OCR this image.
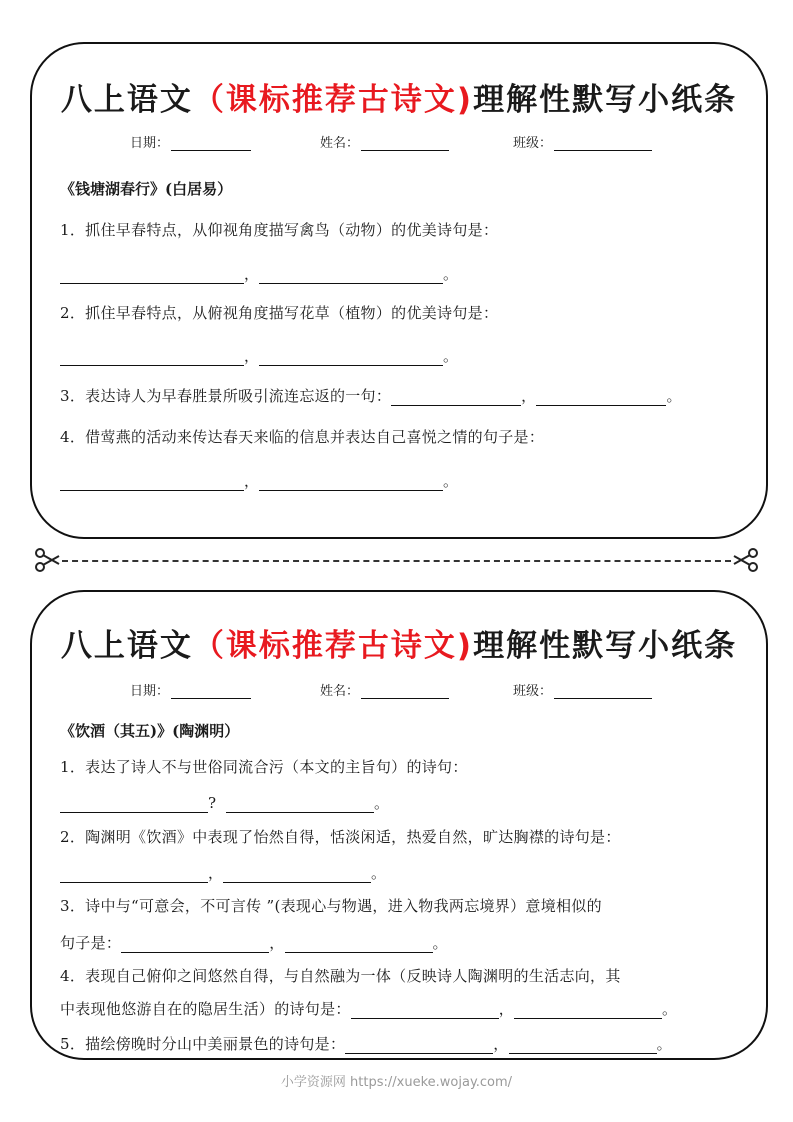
八上语文（课标推荐古诗文)理解性默写小纸条
日期：	姓名：	班级：
《钱塘湖春行》(白居易）
1．抓住早春特点，从仰视角度描写禽鸟（动物）的优美诗句是：
，	。
2．抓住早春特点，从俯视角度描写花草（植物）的优美诗句是：
，	。
3．表达诗人为早春胜景所吸引流连忘返的一句：	，	。
4．借莺燕的活动来传达春天来临的信息并表达自己喜悦之情的句子是：
，	。
八上语文（课标推荐古诗文)理解性默写小纸条
日期：	姓名：	班级：
《饮酒（其五)》(陶渊明）
1．表达了诗人不与世俗同流合污（本文的主旨句）的诗句：
?	。
2．陶渊明《饮酒》中表现了怡然自得，恬淡闲适，热爱自然，旷达胸襟的诗句是：
，	。
3．诗中与“可意会，不可言传 ”(表现心与物遇，进入物我两忘境界）意境相似的
句子是：	，	。
4．表现自己俯仰之间悠然自得，与自然融为一体（反映诗人陶渊明的生活志向，其
中表现他悠游自在的隐居生活）的诗句是：	，	。
5．描绘傍晚时分山中美丽景色的诗句是：	，	。
小学资源网 https://xueke.wojay.com/
